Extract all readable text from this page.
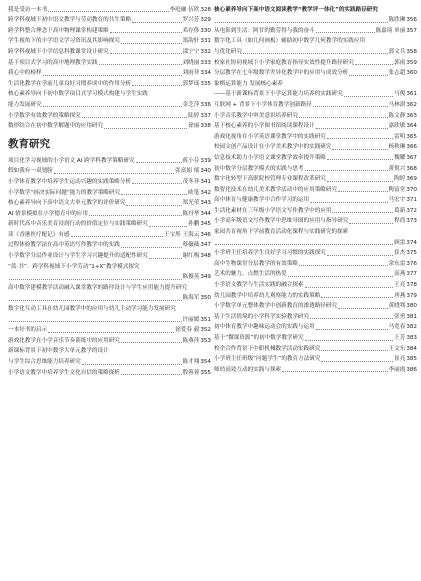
我是受访一本书	李庭融 伍欣 328
跨学科视域下初中语文教学与劳动教育的共生策略	罗兴芳 329
跨学科整合理念下高中物理课堂构建策略	邓存侈 330
学生视角下的小学语文学习资讯及其影响探究	郑韵轩 331
跨学科视域下小学信息科教课堂设计研究	邵宁宁 332
基于项目式学习的高中地理教学实践	刘晓丽 333
我心中的榜样	刘雨菲 334
生活化教学在学前儿童良好习惯养成中的作用分析	郭梦瑶 335
核心素养导向下初中数学项目式学习模式构建与学生实践
能力发展研究	金芝萍 336
小学数学有效教学的策略探究	陆婷 337
数形结合在初中数学解题中的应用研究	徐丽 338
教育研究
项目化学习视域的小学语文 AI 跨学科教学策略研究	蒋小芬 339
假如我有一双翅膀	张富娟 郁 340
小学体育教学中培养学生运动兴趣的实践策略分析	茂冬菲 341
小学数学“画决实际问题”能力的教学策略研究	欧笔 342
核心素养导向下高中语文大单元教学的评价研究	郑光荣 343
AI 情景模拟在小学德育中的应用	陈丹华 344
新时代高中音乐美育浸润行动的价值定位与实践策略研究	孙鹏 345
读《香港医疗配记》有感	王宝彤 王海云 346
过程体验教学法在高中英语写作教学中的实践	蔡薇薇 347
小学数学分层作业设计与学生学习兴趣提升的适配性研究	谢红梅 348
“蓝·书”：跨学科视域下小学劳动“1+X”教学模式探究
陈俊英 349
高中数学建模教学活动融入课堂教学的路径设计与学生应用能力提升研究
陈海军 350
数字化互动工具在幼儿园教学中的应用与幼儿主动学习能力发展研究
许丽媛 351
一本好书的启示	徐爱春 毅 352
游戏化教学在小学音乐节奏训练中的应用研究	陈燕萍 353
新课标背景下初中数学大单元教学的设计
与学生综合思维能力培养研究	陈才翔 354
小学语文教学中培养学生文化自信的策略探析	殷蓉蓉 355
核心素养导向下高中语文阅读教学“教学评一体化”的实践路径研究
陈欣琳 356
从电影到生活：阿甘的勤劳得与我的奋斗	陈嘉琦 单丽 357
数字化工具（如几何画板）辅助初中数学几何教学的实践应用
与优化研究	郭文兵 358
校家社协同视域下小学家庭教育指导实效性提升路径研究	郭雨 359
分层教学在七年级数学差异化教学中的应用与成效分析	张志超 360
象棋运算能力 发展核心素养
——基于新课标背景下小学运算能力培养的实践研究	马俊 361
互联网 + 背景下小学体育教学创新路径	马林澍 362
小学音乐教学中审美意识培养研究	陈文静 363
基于核心素养的小学图书馆阅读课程设计	嘉欣敏 364
游戏化视角在小学英语课堂教学中的实践研究	雷明 365
校园文创产品设计在小学美术教学中的实践研究	杨秋琳 366
信息技术助力小学语文课堂教学效率提升策略	魏耀 367
初中数学分层教学模式的实践与思考	黄倪兴 368
数字化转型下高职院校管理专业课程改革研究	陶婷 369
数智化技术在幼儿美术教学活动中的应用策略研究	陶富堂 370
高中体育与健康教学中合作学习的运用	马宏宇 371
生活化素材在三年级小学语文写作教学中的应用	葛新 372
小学高年级语文写作教学中思维导图的应用与指导研究	程尚 373
家园共育视角下学前教育活动化课程与实践研究的探索
顾雷 374
小学班主任培养学生良好学习习惯的实践探究	崔杰 375
高中生物课堂分层教学的有效策略	余东雷 376
艺术的魅力，点燃生活的热爱	高燕 377
小学语文教学与生活实践的融合探索	王亮 378
幼儿园教学中培养幼儿观察能力的实践策略	唐燕 379
小学数学单元整体教学中创新教育的渗透路径研究	黄晓骞 380
基于生活情境的小学科学实验教学研究	张勇 381
初中体育教学中趣味运动会的实践与运用	马宽春 382
基于“微课资源”的初中数学教学研究	王芳 383
校企合作背景下中职机械数学活动实践研究	王文东 384
小学班主任班级“问题学生”的教育方法研究	崔亮 385
师幼高效互动的实践与探索	李丽霞 386
